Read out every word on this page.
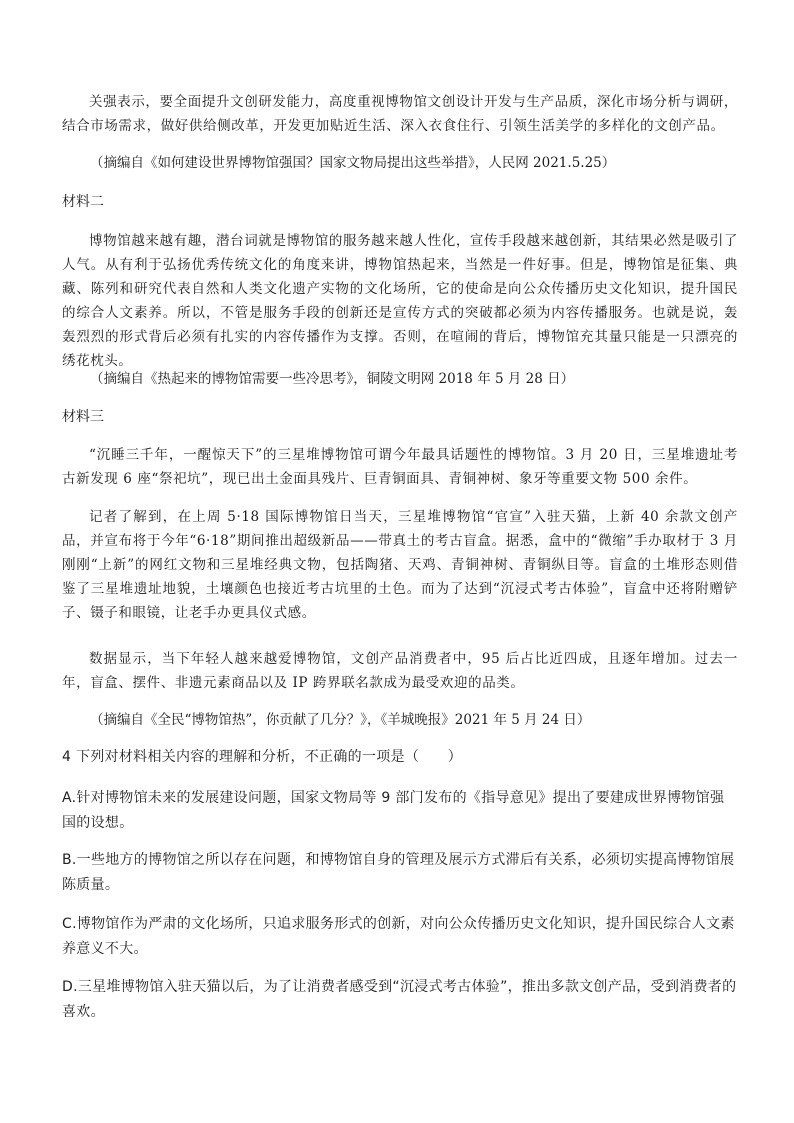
关强表示，要全面提升文创研发能力，高度重视博物馆文创设计开发与生产品质，深化市场分析与调研，结合市场需求，做好供给侧改革，开发更加贴近生活、深入衣食住行、引领生活美学的多样化的文创产品。

（摘编自《如何建设世界博物馆强国？国家文物局提出这些举措》，人民网 2021.5.25）

材料二

博物馆越来越有趣，潜台词就是博物馆的服务越来越人性化，宣传手段越来越创新，其结果必然是吸引了人气。从有利于弘扬优秀传统文化的角度来讲，博物馆热起来，当然是一件好事。但是，博物馆是征集、典藏、陈列和研究代表自然和人类文化遗产实物的文化场所，它的使命是向公众传播历史文化知识，提升国民的综合人文素养。所以，不管是服务手段的创新还是宣传方式的突破都必须为内容传播服务。也就是说，轰轰烈烈的形式背后必须有扎实的内容传播作为支撑。否则，在喧闹的背后，博物馆充其量只能是一只漂亮的绣花枕头。

（摘编自《热起来的博物馆需要一些冷思考》，铜陵文明网 2018 年 5 月 28 日）

材料三

“沉睡三千年，一醒惊天下”的三星堆博物馆可谓今年最具话题性的博物馆。3 月 20 日，三星堆遗址考古新发现 6 座“祭祀坑”，现已出土金面具残片、巨青铜面具、青铜神树、象牙等重要文物 500 余件。

记者了解到，在上周 5·18 国际博物馆日当天，三星堆博物馆“官宣”入驻天猫，上新 40 余款文创产品，并宣布将于今年“6·18”期间推出超级新品——带真土的考古盲盒。据悉，盒中的“微缩”手办取材于 3 月刚刚“上新”的网红文物和三星堆经典文物，包括陶猪、天鸡、青铜神树、青铜纵目等。盲盒的土堆形态则借鉴了三星堆遗址地貌，土壤颜色也接近考古坑里的土色。而为了达到“沉浸式考古体验”，盲盒中还将附赠铲子、镊子和眼镜，让老手办更具仪式感。

数据显示，当下年轻人越来越爱博物馆，文创产品消费者中，95 后占比近四成，且逐年增加。过去一年，盲盒、摆件、非遗元素商品以及 IP 跨界联名款成为最受欢迎的品类。

（摘编自《全民“博物馆热”，你贡献了几分？》，《羊城晚报》2021 年 5 月 24 日）

4 下列对材料相关内容的理解和分析，不正确的一项是（　　）

A.针对博物馆未来的发展建设问题，国家文物局等 9 部门发布的《指导意见》提出了要建成世界博物馆强国的设想。

B.一些地方的博物馆之所以存在问题，和博物馆自身的管理及展示方式滞后有关系，必须切实提高博物馆展陈质量。

C.博物馆作为严肃的文化场所，只追求服务形式的创新，对向公众传播历史文化知识，提升国民综合人文素养意义不大。

D.三星堆博物馆入驻天猫以后，为了让消费者感受到“沉浸式考古体验”，推出多款文创产品，受到消费者的喜欢。
